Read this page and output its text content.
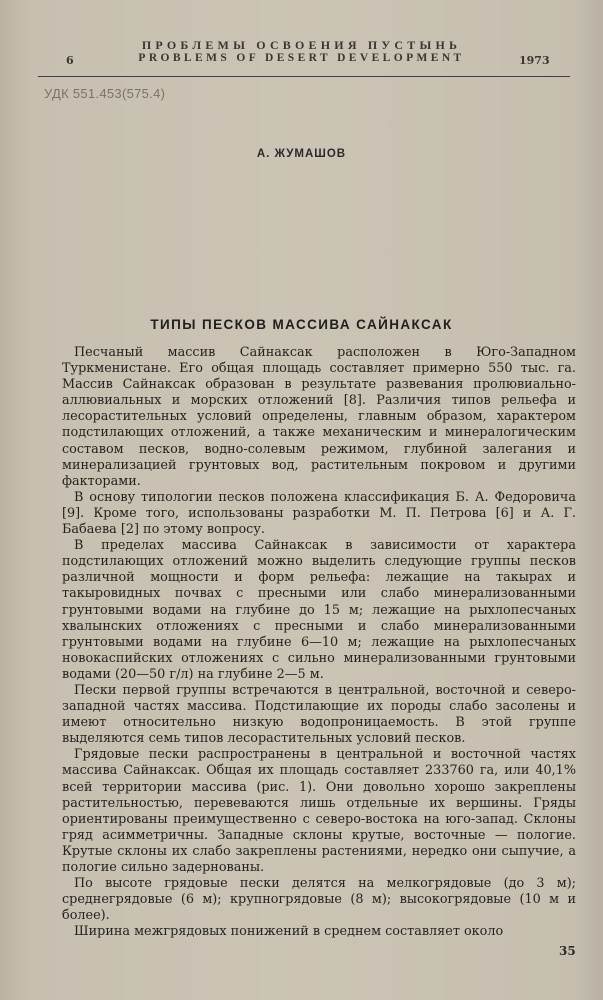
ПРОБЛЕМЫ ОСВОЕНИЯ ПУСТЫНЬ
6	PROBLEMS OF DESERT DEVELOPMENT	1973
УДК 551.453(575.4)
А. ЖУМАШОВ
ТИПЫ ПЕСКОВ МАССИВА САЙНАКСАК

Песчаный массив Сайнаксак расположен в Юго-Западном Туркменистане. Его общая площадь составляет примерно 550 тыс. га. Массив Сайнаксак образован в результате развевания пролювиально-аллювиальных и морских отложений [8]. Различия типов рельефа и лесорастительных условий определены, главным образом, характером подстилающих отложений, а также механическим и минералогическим составом песков, водно-солевым режимом, глубиной залегания и минерализацией грунтовых вод, растительным покровом и другими факторами.

В основу типологии песков положена классификация Б. А. Федоровича [9]. Кроме того, использованы разработки М. П. Петрова [6] и А. Г. Бабаева [2] по этому вопросу.

В пределах массива Сайнаксак в зависимости от характера подстилающих отложений можно выделить следующие группы песков различной мощности и форм рельефа: лежащие на такырах и такыровидных почвах с пресными или слабо минерализованными грунтовыми водами на глубине до 15 м; лежащие на рыхлопесчаных хвалынских отложениях с пресными и слабо минерализованными грунтовыми водами на глубине 6—10 м; лежащие на рыхлопесчаных новокаспийских отложениях с сильно минерализованными грунтовыми водами (20—50 г/л) на глубине 2—5 м.

Пески первой группы встречаются в центральной, восточной и северо-западной частях массива. Подстилающие их породы слабо засолены и имеют относительно низкую водопроницаемость. В этой группе выделяются семь типов лесорастительных условий песков.

Грядовые пески распространены в центральной и восточной частях массива Сайнаксак. Общая их площадь составляет 233760 га, или 40,1% всей территории массива (рис. 1). Они довольно хорошо закреплены растительностью, перевеваются лишь отдельные их вершины. Гряды ориентированы преимущественно с северо-востока на юго-запад. Склоны гряд асимметричны. Западные склоны крутые, восточные — пологие. Крутые склоны их слабо закреплены растениями, нередко они сыпучие, а пологие сильно задернованы.

По высоте грядовые пески делятся на мелкогрядовые (до 3 м); среднегрядовые (6 м); крупногрядовые (8 м); высокогрядовые (10 м и более).

Ширина межгрядовых понижений в среднем составляет около

35
